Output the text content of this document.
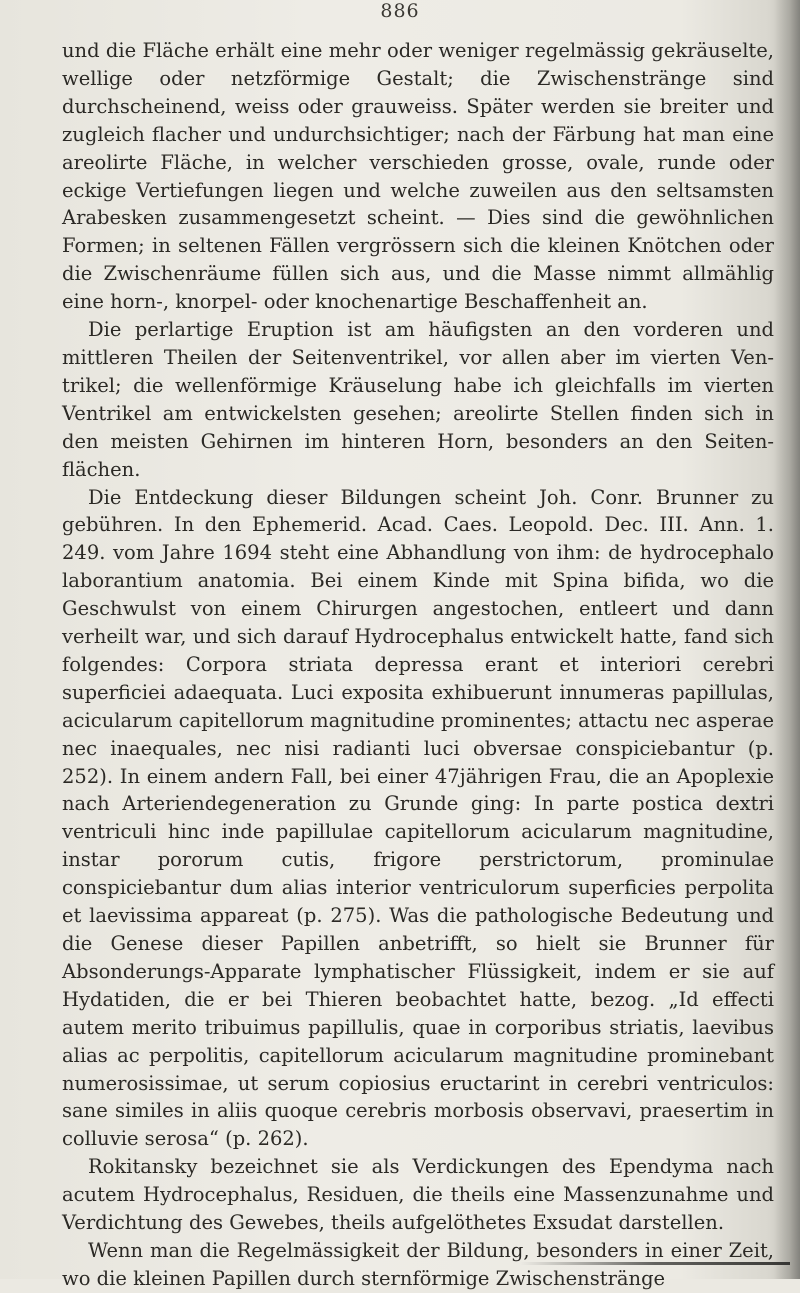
886

und die Fläche erhält eine mehr oder weniger regelmässig gekräuselte, wellige oder netzförmige Gestalt; die Zwischenstränge sind durchscheinend, weiss oder grauweiss. Später werden sie breiter und zugleich flacher und undurchsichtiger; nach der Färbung hat man eine areolirte Fläche, in welcher verschieden grosse, ovale, runde oder eckige Vertiefungen liegen und welche zuweilen aus den seltsamsten Arabesken zusammengesetzt scheint. — Dies sind die gewöhnlichen Formen; in seltenen Fällen vergrössern sich die kleinen Knötchen oder die Zwischenräume füllen sich aus, und die Masse nimmt allmählig eine horn-, knorpel- oder knochenartige Beschaffenheit an.

Die perlartige Eruption ist am häufigsten an den vorderen und mittleren Theilen der Seitenventrikel, vor allen aber im vierten Ventrikel; die wellenförmige Kräuselung habe ich gleichfalls im vierten Ventrikel am entwickelsten gesehen; areolirte Stellen finden sich in den meisten Gehirnen im hinteren Horn, besonders an den Seitenflächen.

Die Entdeckung dieser Bildungen scheint Joh. Conr. Brunner zu gebühren. In den Ephemerid. Acad. Caes. Leopold. Dec. III. Ann. 1. 249. vom Jahre 1694 steht eine Abhandlung von ihm: de hydrocephalo laborantium anatomia. Bei einem Kinde mit Spina bifida, wo die Geschwulst von einem Chirurgen angestochen, entleert und dann verheilt war, und sich darauf Hydrocephalus entwickelt hatte, fand sich folgendes: Corpora striata depressa erant et interiori cerebri superficiei adaequata. Luci exposita exhibuerunt innumeras papillulas, acicularum capitellorum magnitudine prominentes; attactu nec asperae nec inaequales, nec nisi radianti luci obversae conspiciebantur (p. 252). In einem andern Fall, bei einer 47jährigen Frau, die an Apoplexie nach Arteriendegeneration zu Grunde ging: In parte postica dextri ventriculi hinc inde papillulae capitellorum acicularum magnitudine, instar pororum cutis, frigore perstrictorum, prominulae conspiciebantur dum alias interior ventriculorum superficies perpolita et laevissima appareat (p. 275). Was die pathologische Bedeutung und die Genese dieser Papillen anbetrifft, so hielt sie Brunner für Absonderungs-Apparate lymphatischer Flüssigkeit, indem er sie auf Hydatiden, die er bei Thieren beobachtet hatte, bezog. „Id effecti autem merito tribuimus papillulis, quae in corporibus striatis, laevibus alias ac perpolitis, capitellorum acicularum magnitudine prominebant numerosissimae, ut serum copiosius eructarint in cerebri ventriculos: sane similes in aliis quoque cerebris morbosis observavi, praesertim in colluvie serosa“ (p. 262).

Rokitansky bezeichnet sie als Verdickungen des Ependyma nach acutem Hydrocephalus, Residuen, die theils eine Massenzunahme und Verdichtung des Gewebes, theils aufgelöthetes Exsudat darstellen.

Wenn man die Regelmässigkeit der Bildung, besonders in einer Zeit, wo die kleinen Papillen durch sternförmige Zwischenstränge
